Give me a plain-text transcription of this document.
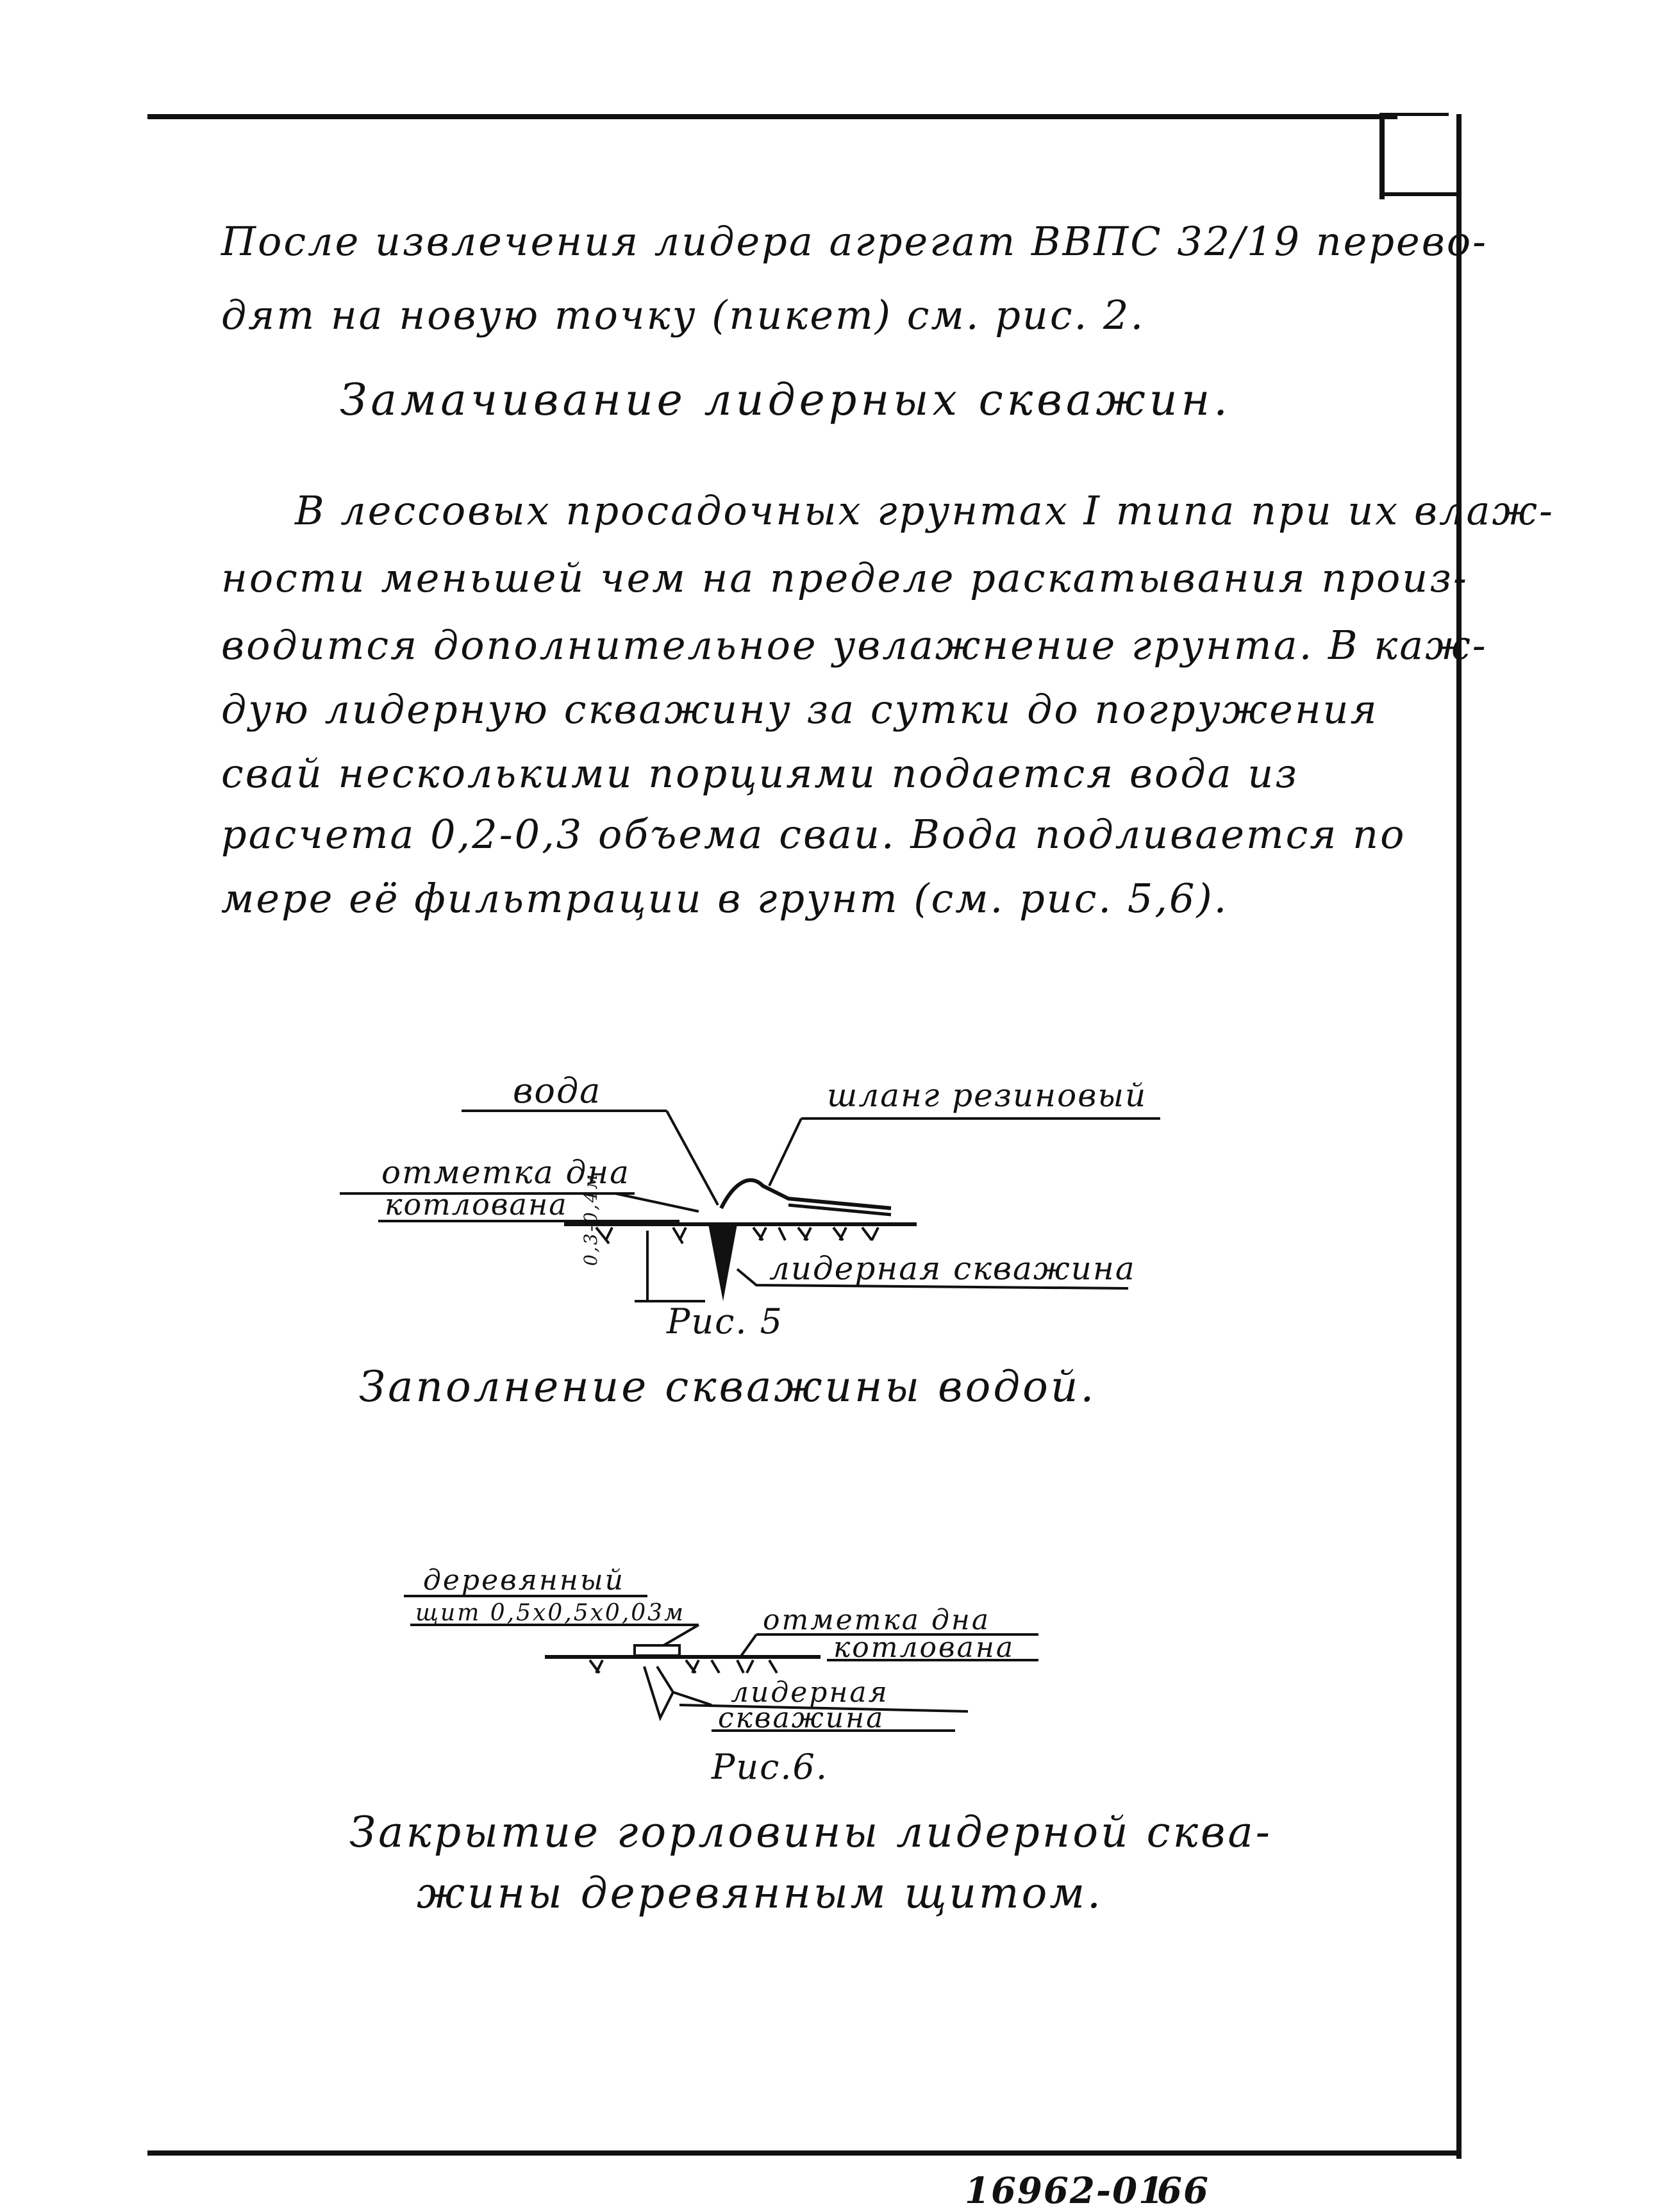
После извлечения лидера агрегат ВВПС 32/19 перево-
дят на новую точку (пикет) см. рис. 2.
Замачивание лидерных скважин.
В лессовых просадочных грунтах I типа при их влаж-
ности меньшей чем на пределе раскатывания произ-
водится дополнительное увлажнение грунта. В каж-
дую лидерную скважину за сутки до погружения
свай несколькими порциями подается вода из
расчета 0,2-0,3 объема сваи. Вода подливается по
мере её фильтрации в грунт (см. рис. 5,6).
вода	шланг резиновый
отметка дна
котлована
лидерная скважина
0,3-0,4м
Рис. 5
Заполнение скважины водой.
деревянный
щит 0,5х0,5х0,03м	отметка дна
котлована
лидерная
скважина
Рис.6.
Закрытие горловины лидерной сква-
жины деревянным щитом.
16962-01
66
